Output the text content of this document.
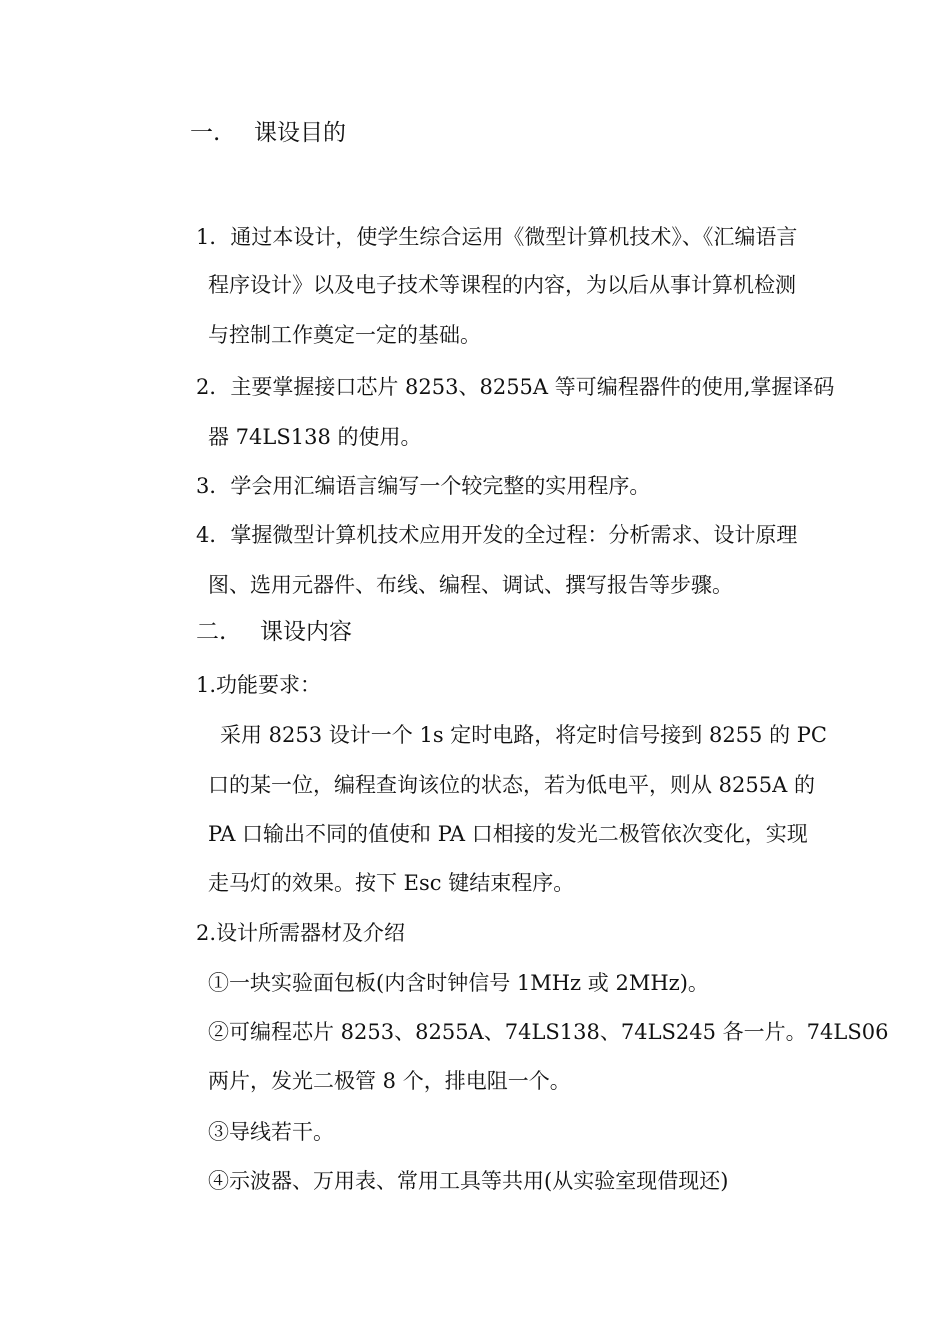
一. 课设目的
1．通过本设计，使学生综合运用《微型计算机技术》、《汇编语言
程序设计》以及电子技术等课程的内容，为以后从事计算机检测
与控制工作奠定一定的基础。
2．主要掌握接口芯片 8253、8255A 等可编程器件的使用,掌握译码
器 74LS138 的使用。
3．学会用汇编语言编写一个较完整的实用程序。
4．掌握微型计算机技术应用开发的全过程：分析需求、设计原理
图、选用元器件、布线、编程、调试、撰写报告等步骤。
二. 课设内容
1.功能要求：
采用 8253 设计一个 1s 定时电路，将定时信号接到 8255 的 PC
口的某一位，编程查询该位的状态，若为低电平，则从 8255A 的
PA 口输出不同的值使和 PA 口相接的发光二极管依次变化，实现
走马灯的效果。按下 Esc 键结束程序。
2.设计所需器材及介绍
①一块实验面包板(内含时钟信号 1MHz 或 2MHz)。
②可编程芯片 8253、8255A、74LS138、74LS245 各一片。74LS06
两片，发光二极管 8 个，排电阻一个。
③导线若干。
④示波器、万用表、常用工具等共用(从实验室现借现还)
